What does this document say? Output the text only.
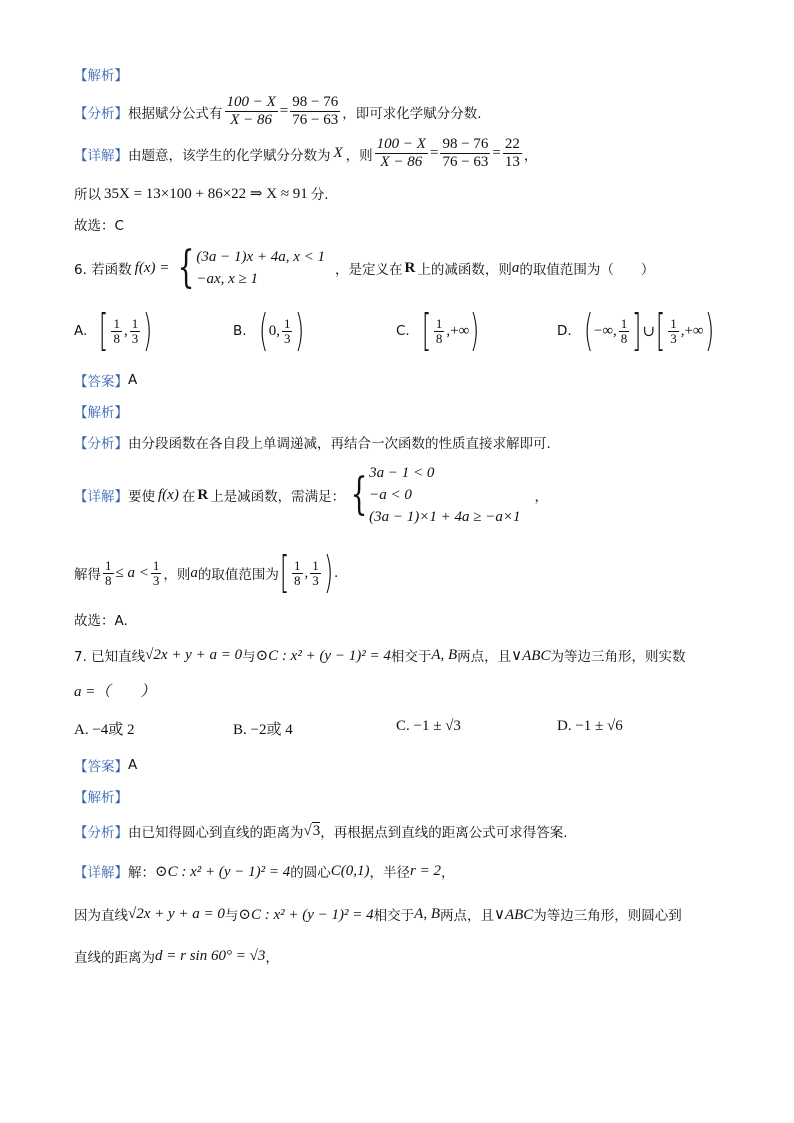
【解析】
【分析】 根据赋分公式有 $\frac{100 - X}{X - 86} = \frac{98 - 76}{76 - 63}$ ，即可求化学赋分分数.
【详解】 由题意，该学生的化学赋分分数为 X ，则 $\frac{100 - X}{X - 86} = \frac{98 - 76}{76 - 63} = \frac{22}{13}$ ，
所以 35X = 13×100 + 86×22 ⇒ X ≈ 91 分.
故选：C
6. 若函数 f(x) = { (3a − 1)x + 4a, x < 1
−ax, x ≥ 1
，是定义在 R 上的减函数，则 a 的取值范围为（　　）
A. [ $\frac{1}{8}$ , $\frac{1}{3}$ )	B. ( 0 , $\frac{1}{3}$ )	C. [ $\frac{1}{8}$ , +∞ )	D. ( −∞, $\frac{1}{8}$ ] ∪ [ $\frac{1}{3}$ , +∞ )
【答案】 A
【解析】
【分析】 由分段函数在各自段上单调递减，再结合一次函数的性质直接求解即可.
【详解】 要使 f(x) 在 R 上是减函数，需满足： { 3a − 1 < 0
−a < 0
(3a − 1)×1 + 4a ≥ −a×1
，
解得 $\frac{1}{8} \le a < \frac{1}{3}$ ，则 a 的取值范围为 [ $\frac{1}{8}$ , $\frac{1}{3}$ ) .
故选：A.
7. 已知直线 √ 2x + y + a = 0 与 ⊙C : x² + (y − 1)² = 4 相交于 A, B 两点，且 ∨ABC 为等边三角形，则实数
a =（　　）
A. −4或 2	B. −2或 4	C. −1 ± √3	D. −1 ± √6
【答案】 A
【解析】
【分析】 由已知得圆心到直线的距离为 √ 3 ，再根据点到直线的距离公式可求得答案.
【详解】 解： ⊙C : x² + (y − 1)² = 4 的圆心 C(0,1) ，半径 r = 2 ，
因为直线 √ 2x + y + a = 0 与 ⊙C : x² + (y − 1)² = 4 相交于 A, B 两点，且 ∨ABC 为等边三角形，则圆心到
直线的距离为 d = r sin 60° = √3 ，
